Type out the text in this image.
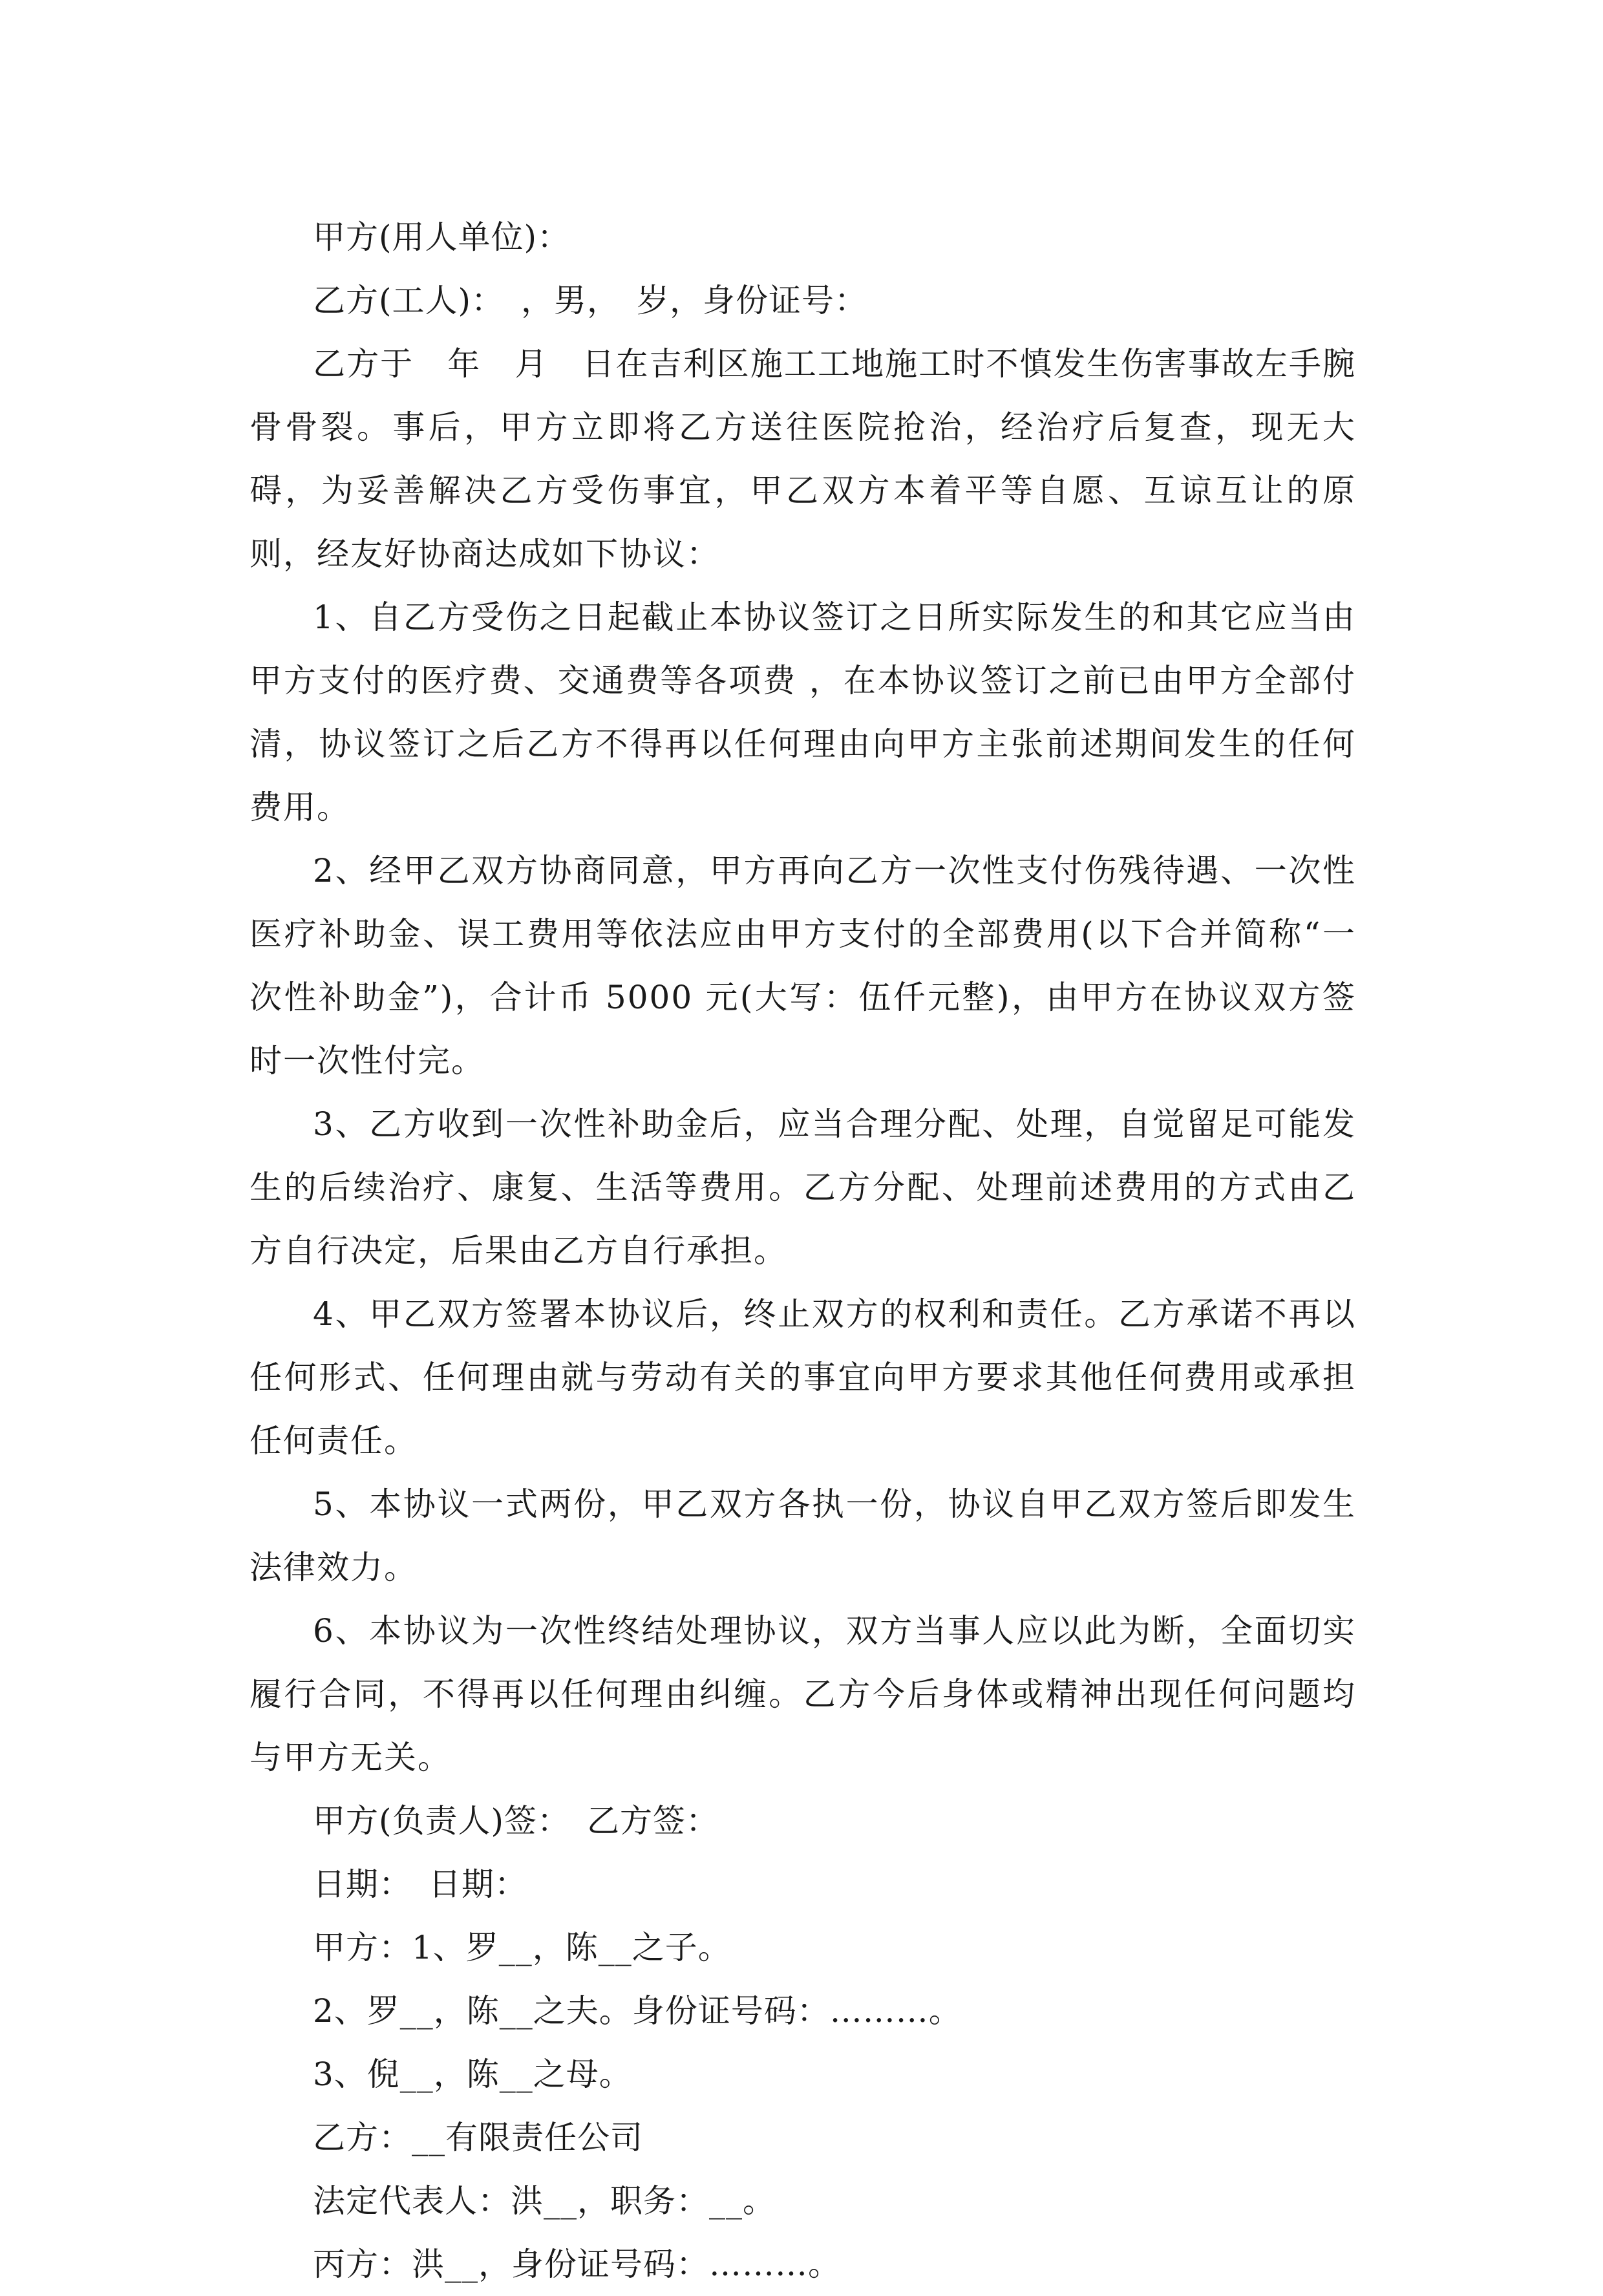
甲方(用人单位)：
乙方(工人)：　，男，　岁，身份证号：

乙方于　年　月　日在吉利区施工工地施工时不慎发生伤害事故左手腕骨骨裂。事后，甲方立即将乙方送往医院抢治，经治疗后复查，现无大碍，为妥善解决乙方受伤事宜，甲乙双方本着平等自愿、互谅互让的原则，经友好协商达成如下协议：

1、自乙方受伤之日起截止本协议签订之日所实际发生的和其它应当由甲方支付的医疗费、交通费等各项费 ，在本协议签订之前已由甲方全部付清，协议签订之后乙方不得再以任何理由向甲方主张前述期间发生的任何费用。

2、经甲乙双方协商同意，甲方再向乙方一次性支付伤残待遇、一次性医疗补助金、误工费用等依法应由甲方支付的全部费用(以下合并简称“一次性补助金”)，合计币 5000 元(大写：伍仟元整)，由甲方在协议双方签时一次性付完。

3、乙方收到一次性补助金后，应当合理分配、处理，自觉留足可能发生的后续治疗、康复、生活等费用。乙方分配、处理前述费用的方式由乙方自行决定，后果由乙方自行承担。

4、甲乙双方签署本协议后，终止双方的权利和责任。乙方承诺不再以任何形式、任何理由就与劳动有关的事宜向甲方要求其他任何费用或承担任何责任。

5、本协议一式两份，甲乙双方各执一份，协议自甲乙双方签后即发生法律效力。

6、本协议为一次性终结处理协议，双方当事人应以此为断，全面切实履行合同，不得再以任何理由纠缠。乙方今后身体或精神出现任何问题均与甲方无关。

甲方(负责人)签：　乙方签：
日期：　日期：
甲方：1、罗__，陈__之子。
2、罗__，陈__之夫。身份证号码：………。
3、倪__，陈__之母。
乙方：__有限责任公司
法定代表人：洪__，职务：__。
丙方：洪__，身份证号码：………。
